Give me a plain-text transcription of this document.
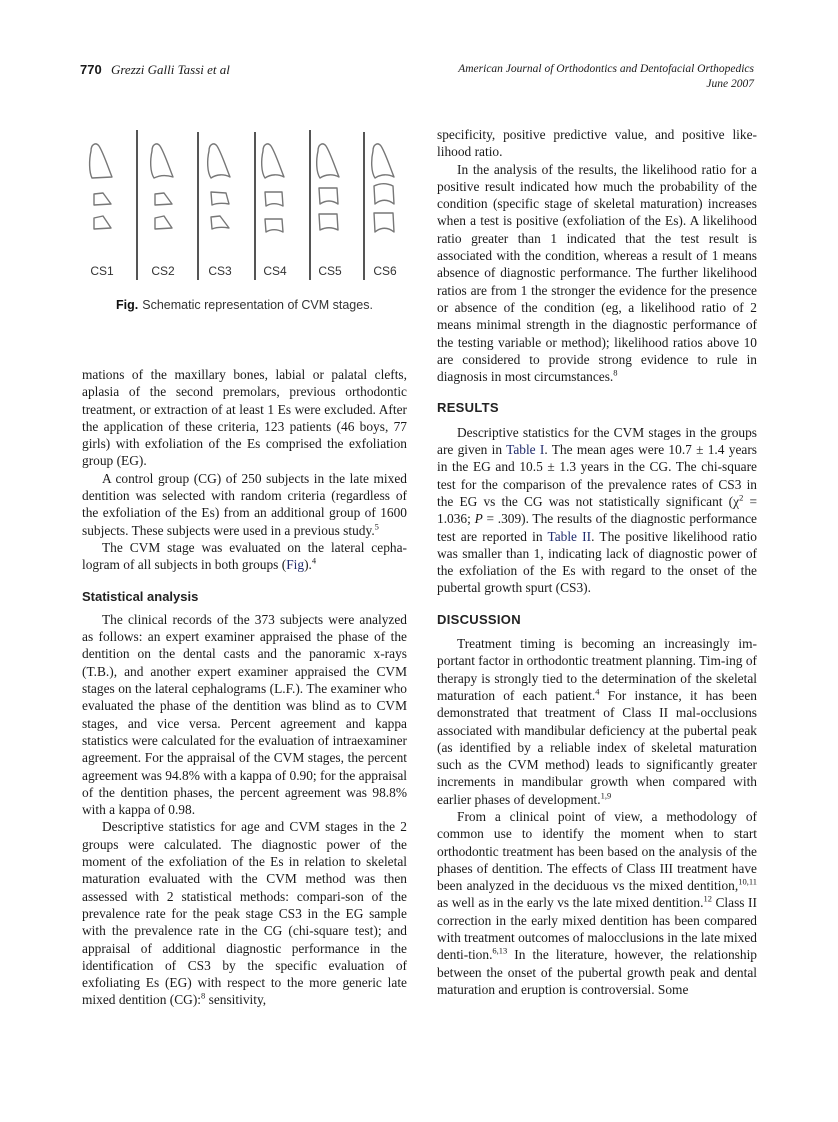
770 Grezzi Galli Tassi et al	American Journal of Orthodontics and Dentofacial Orthopedics
June 2007
CS1	CS2	CS3	CS4	CS5	CS6
Fig. Schematic representation of CVM stages.

mations of the maxillary bones, labial or palatal clefts, aplasia of the second premolars, previous orthodontic treatment, or extraction of at least 1 Es were excluded. After the application of these criteria, 123 patients (46 boys, 77 girls) with exfoliation of the Es comprised the exfoliation group (EG).

A control group (CG) of 250 subjects in the late mixed dentition was selected with random criteria (regardless of the exfoliation of the Es) from an additional group of 1600 subjects. These subjects were used in a previous study.$^5$

The CVM stage was evaluated on the lateral cepha-logram of all subjects in both groups (Fig).$^4$

Statistical analysis

The clinical records of the 373 subjects were analyzed as follows: an expert examiner appraised the phase of the dentition on the dental casts and the panoramic x-rays (T.B.), and another expert examiner appraised the CVM stages on the lateral cephalograms (L.F.). The examiner who evaluated the phase of the dentition was blind as to CVM stages, and vice versa. Percent agreement and kappa statistics were calculated for the evaluation of intraexaminer agreement. For the appraisal of the CVM stages, the percent agreement was 94.8% with a kappa of 0.90; for the appraisal of the dentition phases, the percent agreement was 98.8% with a kappa of 0.98.

Descriptive statistics for age and CVM stages in the 2 groups were calculated. The diagnostic power of the moment of the exfoliation of the Es in relation to skeletal maturation evaluated with the CVM method was then assessed with 2 statistical methods: compari-son of the prevalence rate for the peak stage CS3 in the EG sample with the prevalence rate in the CG (chi-square test); and appraisal of additional diagnostic performance in the identification of CS3 by the specific evaluation of exfoliating Es (EG) with respect to the more generic late mixed dentition (CG):$^8$ sensitivity,

specificity, positive predictive value, and positive like-lihood ratio.

In the analysis of the results, the likelihood ratio for a positive result indicated how much the probability of the condition (specific stage of skeletal maturation) increases when a test is positive (exfoliation of the Es). A likelihood ratio greater than 1 indicated that the test result is associated with the condition, whereas a result of 1 means absence of diagnostic performance. The further likelihood ratios are from 1 the stronger the evidence for the presence or absence of the condition (eg, a likelihood ratio of 2 means minimal strength in the diagnostic performance of the testing variable or method); likelihood ratios above 10 are considered to provide strong evidence to rule in diagnosis in most circumstances.$^8$

RESULTS

Descriptive statistics for the CVM stages in the groups are given in Table I. The mean ages were 10.7 ± 1.4 years in the EG and 10.5 ± 1.3 years in the CG. The chi-square test for the comparison of the prevalence rates of CS3 in the EG vs the CG was not statistically significant ($\chi^2 = 1.036$; P = .309). The results of the diagnostic performance test are reported in Table II. The positive likelihood ratio was smaller than 1, indicating lack of diagnostic power of the exfoliation of the Es with regard to the onset of the pubertal growth spurt (CS3).

DISCUSSION

Treatment timing is becoming an increasingly im-portant factor in orthodontic treatment planning. Tim-ing of therapy is strongly tied to the determination of the skeletal maturation of each patient.$^4$ For instance, it has been demonstrated that treatment of Class II mal-occlusions associated with mandibular deficiency at the pubertal peak (as identified by a reliable index of skeletal maturation such as the CVM method) leads to significantly greater increments in mandibular growth when compared with earlier phases of development.$^{1,9}$

From a clinical point of view, a methodology of common use to identify the moment when to start orthodontic treatment has been based on the analysis of the phases of dentition. The effects of Class III treatment have been analyzed in the deciduous vs the mixed dentition,$^{10,11}$ as well as in the early vs the late mixed dentition.$^{12}$ Class II correction in the early mixed dentition has been compared with treatment outcomes of malocclusions in the late mixed denti-tion.$^{6,13}$ In the literature, however, the relationship between the onset of the pubertal growth peak and dental maturation and eruption is controversial. Some
